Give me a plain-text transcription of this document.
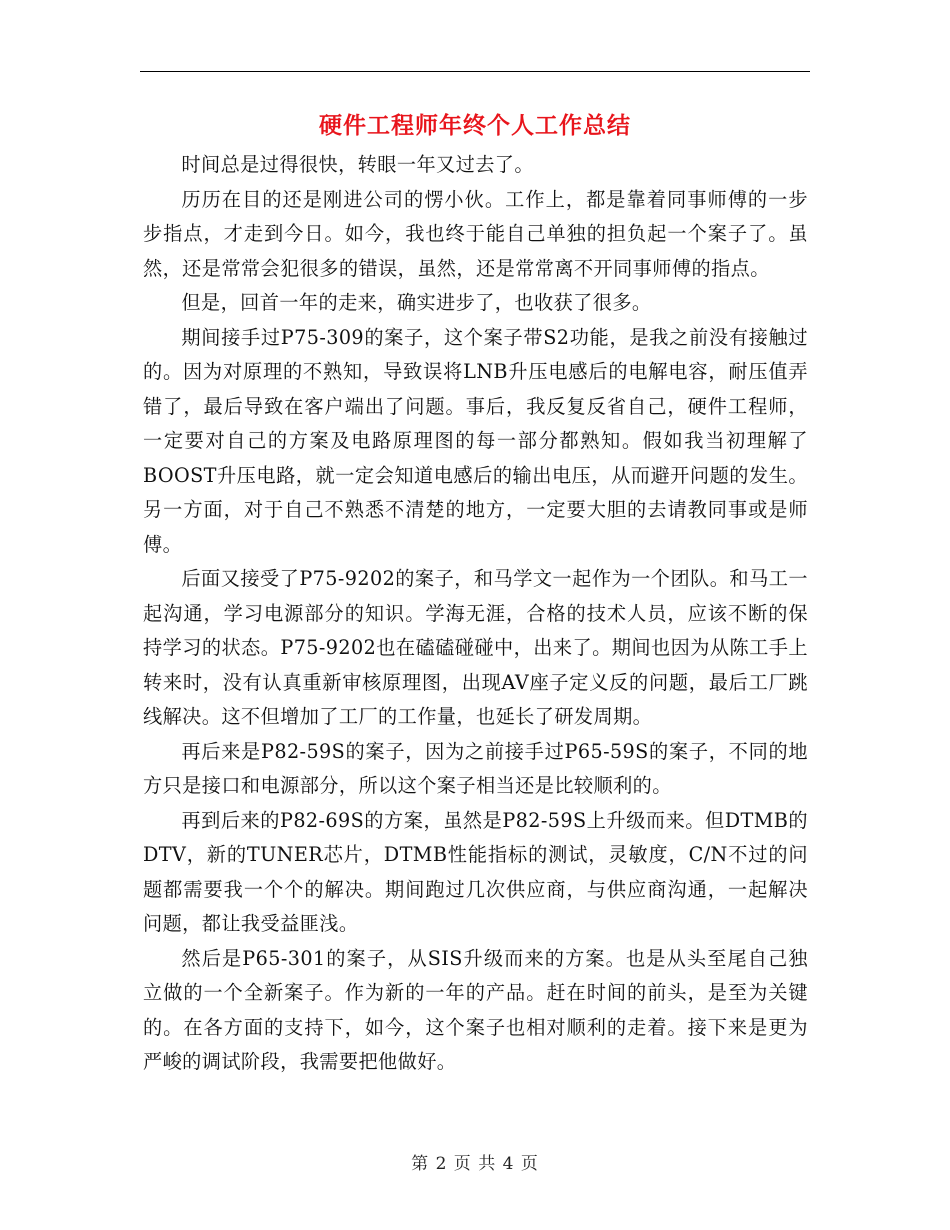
硬件工程师年终个人工作总结

时间总是过得很快，转眼一年又过去了。

历历在目的还是刚进公司的愣小伙。工作上，都是靠着同事师傅的一步步指点，才走到今日。如今，我也终于能自己单独的担负起一个案子了。虽然，还是常常会犯很多的错误，虽然，还是常常离不开同事师傅的指点。

但是，回首一年的走来，确实进步了，也收获了很多。

期间接手过P75-309的案子，这个案子带S2功能，是我之前没有接触过的。因为对原理的不熟知，导致误将LNB升压电感后的电解电容，耐压值弄错了，最后导致在客户端出了问题。事后，我反复反省自己，硬件工程师，一定要对自己的方案及电路原理图的每一部分都熟知。假如我当初理解了BOOST升压电路，就一定会知道电感后的输出电压，从而避开问题的发生。另一方面，对于自己不熟悉不清楚的地方，一定要大胆的去请教同事或是师傅。

后面又接受了P75-9202的案子，和马学文一起作为一个团队。和马工一起沟通，学习电源部分的知识。学海无涯，合格的技术人员，应该不断的保持学习的状态。P75-9202也在磕磕碰碰中，出来了。期间也因为从陈工手上转来时，没有认真重新审核原理图，出现AV座子定义反的问题，最后工厂跳线解决。这不但增加了工厂的工作量，也延长了研发周期。

再后来是P82-59S的案子，因为之前接手过P65-59S的案子，不同的地方只是接口和电源部分，所以这个案子相当还是比较顺利的。

再到后来的P82-69S的方案，虽然是P82-59S上升级而来。但DTMB的DTV，新的TUNER芯片，DTMB性能指标的测试，灵敏度，C/N不过的问题都需要我一个个的解决。期间跑过几次供应商，与供应商沟通，一起解决问题，都让我受益匪浅。

然后是P65-301的案子，从SIS升级而来的方案。也是从头至尾自己独立做的一个全新案子。作为新的一年的产品。赶在时间的前头，是至为关键的。在各方面的支持下，如今，这个案子也相对顺利的走着。接下来是更为严峻的调试阶段，我需要把他做好。

第 2 页 共 4 页
